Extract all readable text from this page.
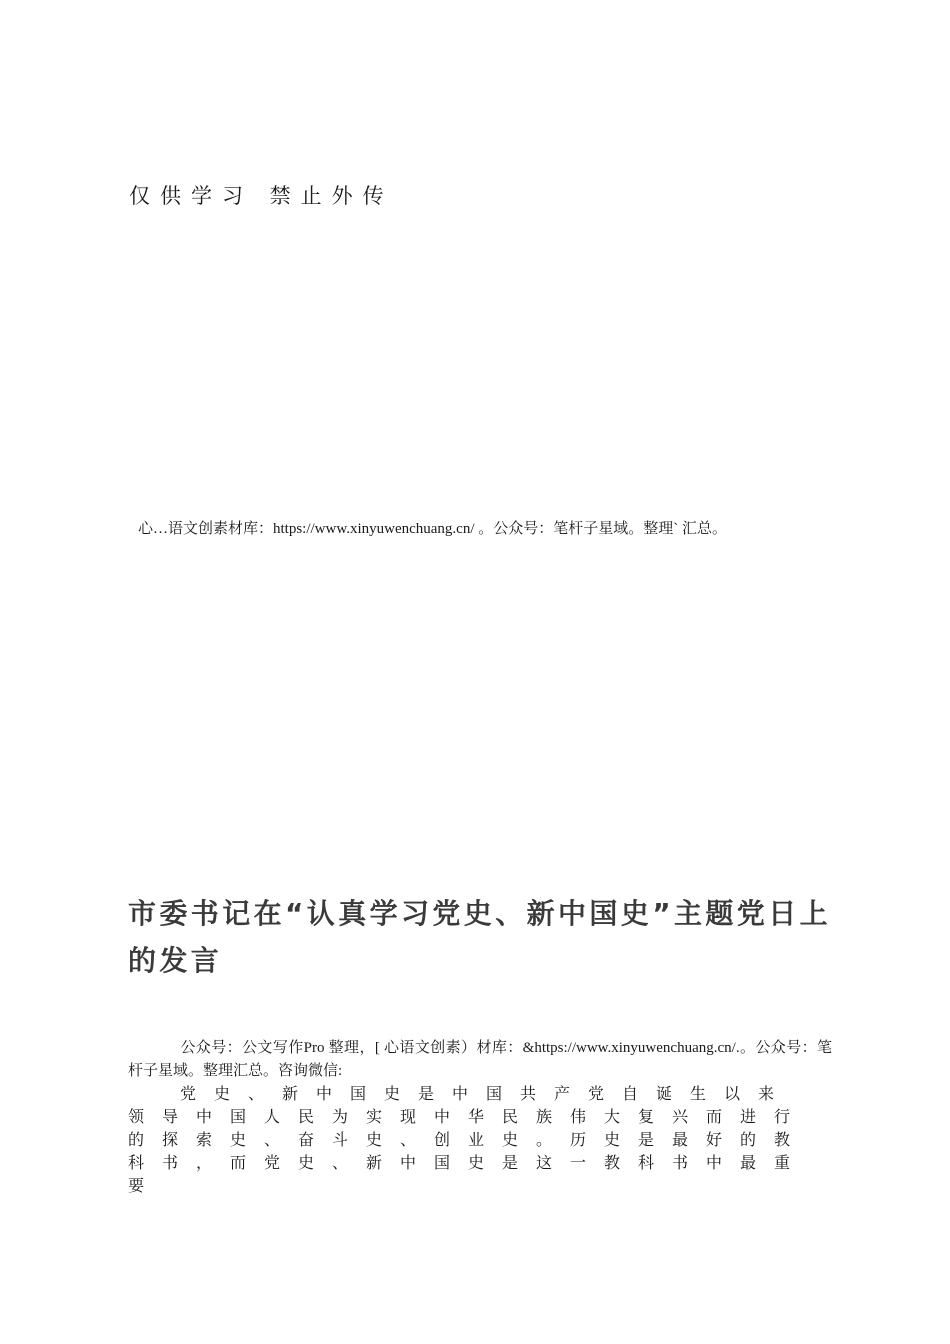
仅供学习 禁止外传
心…语文创素材库：https://www.xinyuwenchuang.cn/ 。公众号：笔杆子星域。整理` 汇总。
市委书记在“认真学习党史、新中国史”主题党日上的发言

公众号：公文写作Pro 整理，[ 心语文创素）材库：&https://www.xinyuwenchuang.cn/.。公众号：笔杆子星域。整理汇总。咨询微信:

党史、新中国史是中国共产党自诞生以来领导中国人民为实现中华民族伟大复兴而进行的探索史、奋斗史、创业史。历史是最好的教科书，而党史、新中国史是这一教科书中最重要
